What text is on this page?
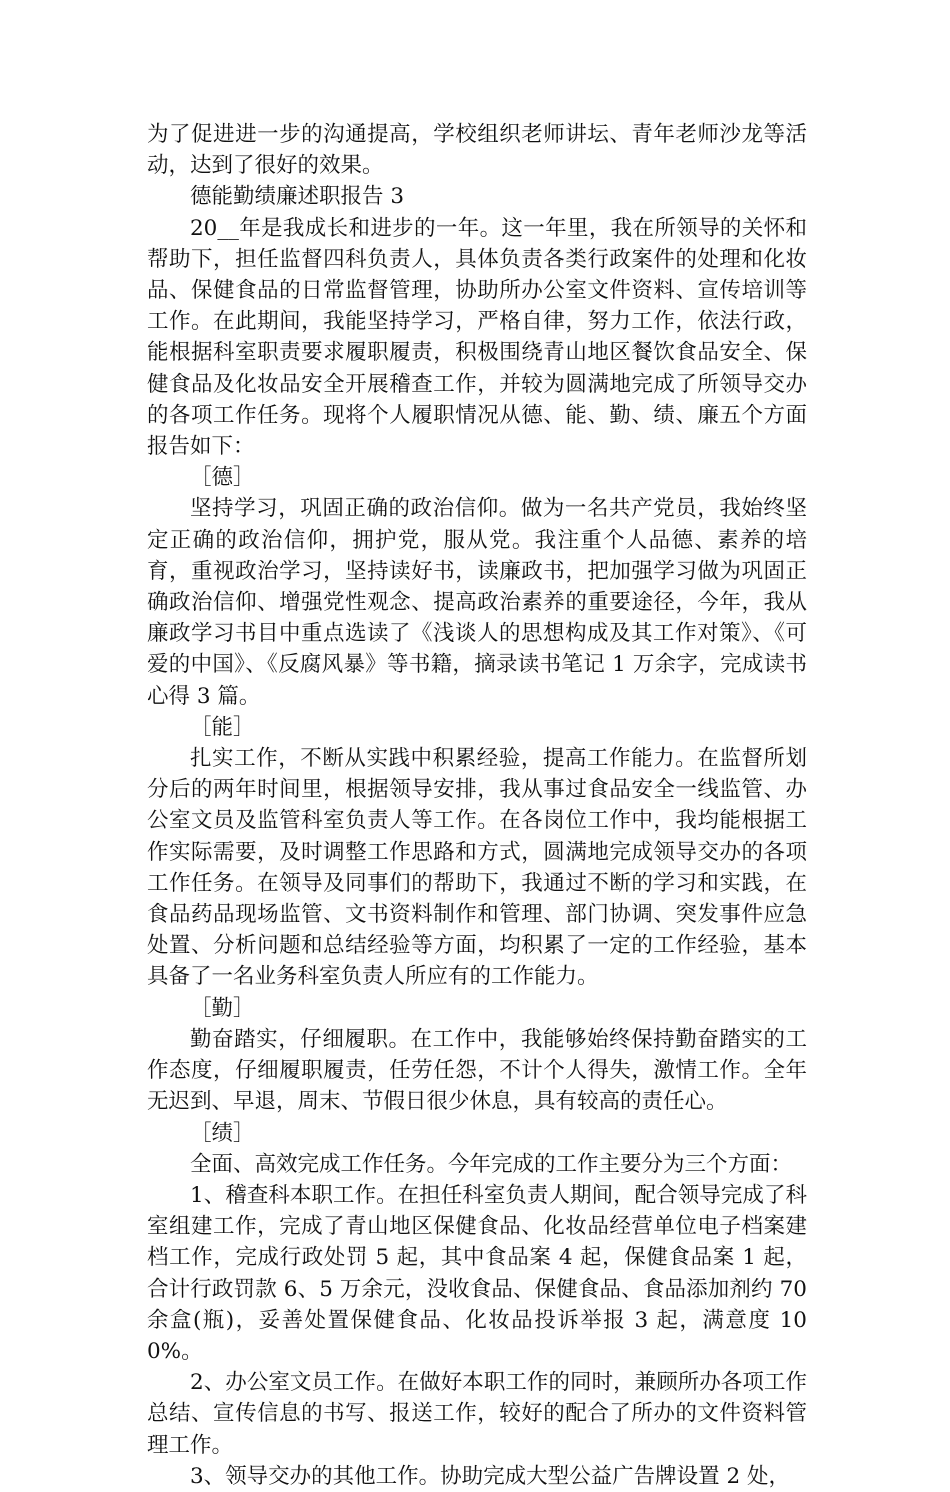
为了促进进一步的沟通提高，学校组织老师讲坛、青年老师沙龙等活动，达到了很好的效果。

德能勤绩廉述职报告 3

20__年是我成长和进步的一年。这一年里，我在所领导的关怀和帮助下，担任监督四科负责人，具体负责各类行政案件的处理和化妆品、保健食品的日常监督管理，协助所办公室文件资料、宣传培训等工作。在此期间，我能坚持学习，严格自律，努力工作，依法行政，能根据科室职责要求履职履责，积极围绕青山地区餐饮食品安全、保健食品及化妆品安全开展稽查工作，并较为圆满地完成了所领导交办的各项工作任务。现将个人履职情况从德、能、勤、绩、廉五个方面报告如下：

［德］

坚持学习，巩固正确的政治信仰。做为一名共产党员，我始终坚定正确的政治信仰，拥护党，服从党。我注重个人品德、素养的培育，重视政治学习，坚持读好书，读廉政书，把加强学习做为巩固正确政治信仰、增强党性观念、提高政治素养的重要途径，今年，我从廉政学习书目中重点选读了《浅谈人的思想构成及其工作对策》、《可爱的中国》、《反腐风暴》等书籍，摘录读书笔记 1 万余字，完成读书心得 3 篇。

［能］

扎实工作，不断从实践中积累经验，提高工作能力。在监督所划分后的两年时间里，根据领导安排，我从事过食品安全一线监管、办公室文员及监管科室负责人等工作。在各岗位工作中，我均能根据工作实际需要，及时调整工作思路和方式，圆满地完成领导交办的各项工作任务。在领导及同事们的帮助下，我通过不断的学习和实践，在食品药品现场监管、文书资料制作和管理、部门协调、突发事件应急处置、分析问题和总结经验等方面，均积累了一定的工作经验，基本具备了一名业务科室负责人所应有的工作能力。

［勤］

勤奋踏实，仔细履职。在工作中，我能够始终保持勤奋踏实的工作态度，仔细履职履责，任劳任怨，不计个人得失，激情工作。全年无迟到、早退，周末、节假日很少休息，具有较高的责任心。

［绩］

全面、高效完成工作任务。今年完成的工作主要分为三个方面：

1、稽查科本职工作。在担任科室负责人期间，配合领导完成了科室组建工作，完成了青山地区保健食品、化妆品经营单位电子档案建档工作，完成行政处罚 5 起，其中食品案 4 起，保健食品案 1 起，合计行政罚款 6、5 万余元，没收食品、保健食品、食品添加剂约 70 余盒(瓶)，妥善处置保健食品、化妆品投诉举报 3 起，满意度 100%。

2、办公室文员工作。在做好本职工作的同时，兼顾所办各项工作总结、宣传信息的书写、报送工作，较好的配合了所办的文件资料管理工作。

3、领导交办的其他工作。协助完成大型公益广告牌设置 2 处，
